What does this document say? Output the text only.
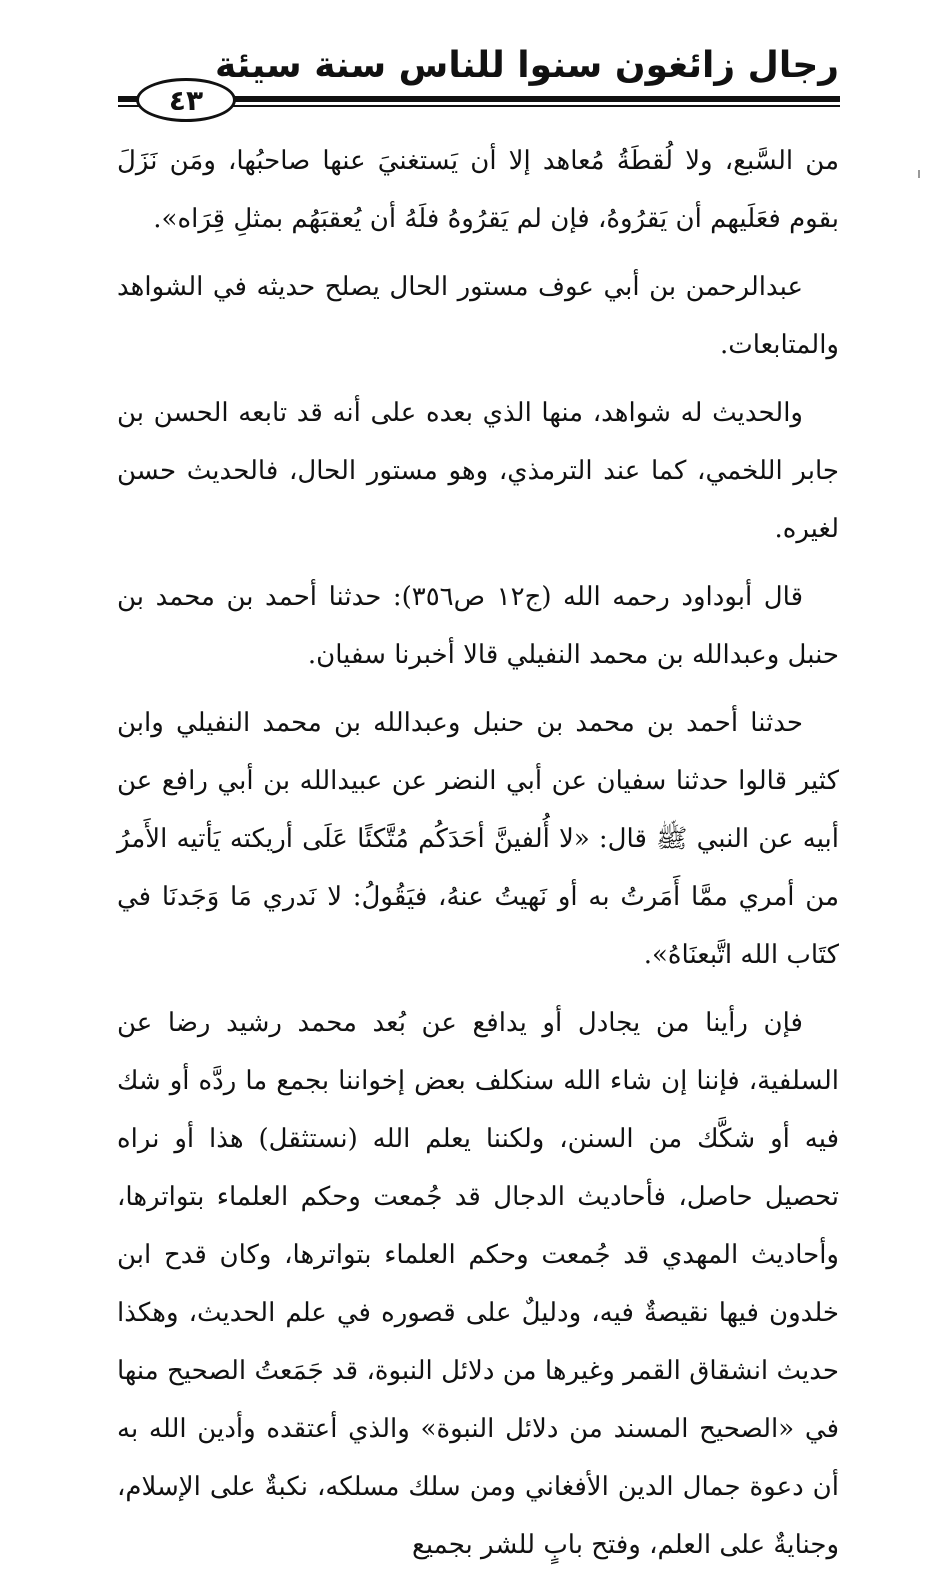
رجال زائغون سنوا للناس سنة سيئة
٤٣

من السَّبع، ولا لُقطَةُ مُعاهد إلا أن يَستغنيَ عنها صاحبُها، ومَن نَزَلَ بقوم فعَلَيهم أن يَقرُوهُ، فإن لم يَقرُوهُ فلَهُ أن يُعقبَهُم بمثلِ قِرَاه».

عبدالرحمن بن أبي عوف مستور الحال يصلح حديثه في الشواهد والمتابعات.

والحديث له شواهد، منها الذي بعده على أنه قد تابعه الحسن بن جابر اللخمي، كما عند الترمذي، وهو مستور الحال، فالحديث حسن لغيره.

قال أبوداود رحمه الله (ج١٢ ص٣٥٦): حدثنا أحمد بن محمد بن حنبل وعبدالله بن محمد النفيلي قالا أخبرنا سفيان.

حدثنا أحمد بن محمد بن حنبل وعبدالله بن محمد النفيلي وابن كثير قالوا حدثنا سفيان عن أبي النضر عن عبيدالله بن أبي رافع عن أبيه عن النبي ﷺ قال: «لا أُلفينَّ أحَدَكُم مُتَّكئًا عَلَى أريكته يَأتيه الأَمرُ من أمري ممَّا أَمَرتُ به أو نَهيتُ عنهُ، فيَقُولُ: لا نَدري مَا وَجَدنَا في كتَاب الله اتَّبعنَاهُ».

فإن رأينا من يجادل أو يدافع عن بُعد محمد رشيد رضا عن السلفية، فإننا إن شاء الله سنكلف بعض إخواننا بجمع ما ردَّه أو شك فيه أو شكَّك من السنن، ولكننا يعلم الله (نستثقل) هذا أو نراه تحصيل حاصل، فأحاديث الدجال قد جُمعت وحكم العلماء بتواترها، وأحاديث المهدي قد جُمعت وحكم العلماء بتواترها، وكان قدح ابن خلدون فيها نقيصةٌ فيه، ودليلٌ على قصوره في علم الحديث، وهكذا حديث انشقاق القمر وغيرها من دلائل النبوة، قد جَمَعتُ الصحيح منها في «الصحيح المسند من دلائل النبوة» والذي أعتقده وأدين الله به أن دعوة جمال الدين الأفغاني ومن سلك مسلكه، نكبةٌ على الإسلام، وجنايةٌ على العلم، وفتح بابٍ للشر بجميع
